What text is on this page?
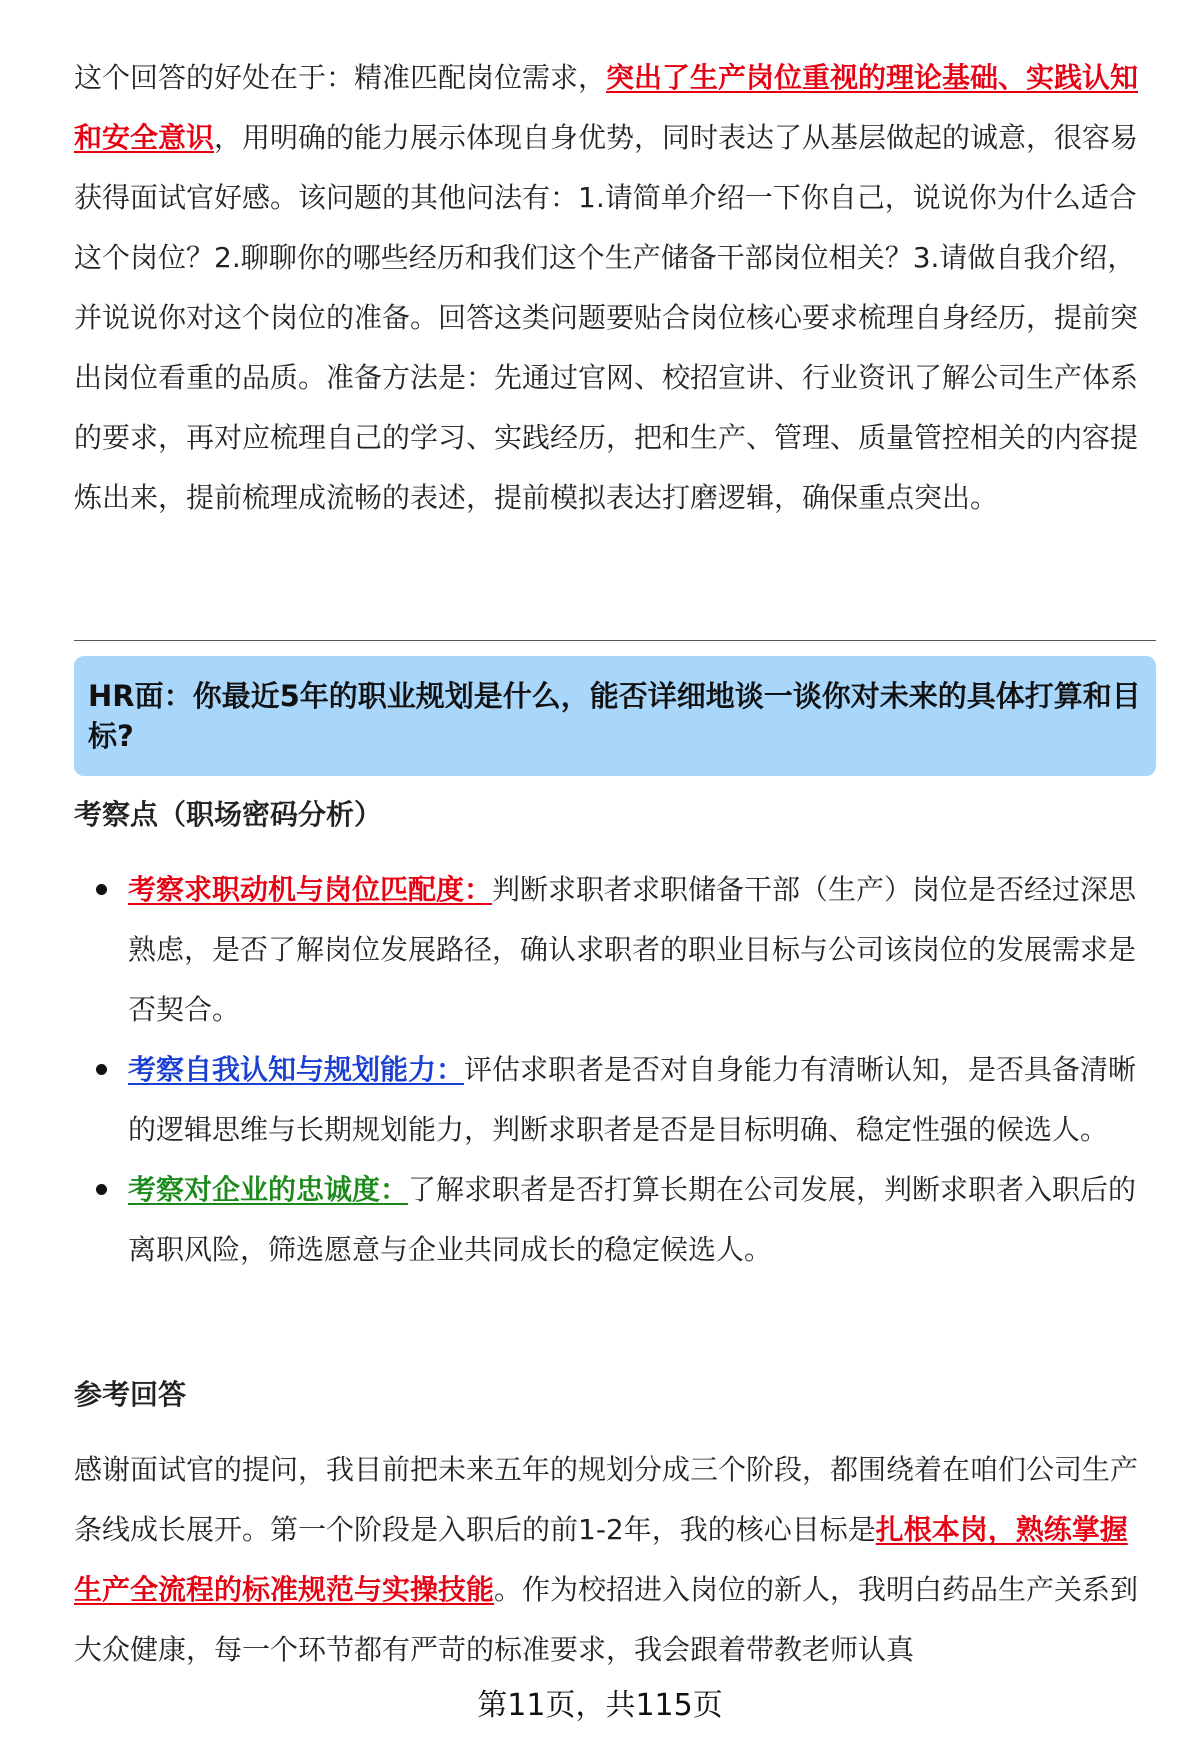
这个回答的好处在于：精准匹配岗位需求，突出了生产岗位重视的理论基础、实践认知和安全意识，用明确的能力展示体现自身优势，同时表达了从基层做起的诚意，很容易获得面试官好感。该问题的其他问法有：1.请简单介绍一下你自己，说说你为什么适合这个岗位？2.聊聊你的哪些经历和我们这个生产储备干部岗位相关？3.请做自我介绍，并说说你对这个岗位的准备。回答这类问题要贴合岗位核心要求梳理自身经历，提前突出岗位看重的品质。准备方法是：先通过官网、校招宣讲、行业资讯了解公司生产体系的要求，再对应梳理自己的学习、实践经历，把和生产、管理、质量管控相关的内容提炼出来，提前梳理成流畅的表述，提前模拟表达打磨逻辑，确保重点突出。

HR面：你最近5年的职业规划是什么，能否详细地谈一谈你对未来的具体打算和目标?

考察点（职场密码分析）

考察求职动机与岗位匹配度：判断求职者求职储备干部（生产）岗位是否经过深思熟虑，是否了解岗位发展路径，确认求职者的职业目标与公司该岗位的发展需求是否契合。
考察自我认知与规划能力：评估求职者是否对自身能力有清晰认知，是否具备清晰的逻辑思维与长期规划能力，判断求职者是否是目标明确、稳定性强的候选人。
考察对企业的忠诚度：了解求职者是否打算长期在公司发展，判断求职者入职后的离职风险，筛选愿意与企业共同成长的稳定候选人。

参考回答

感谢面试官的提问，我目前把未来五年的规划分成三个阶段，都围绕着在咱们公司生产条线成长展开。第一个阶段是入职后的前1-2年，我的核心目标是扎根本岗，熟练掌握生产全流程的标准规范与实操技能。作为校招进入岗位的新人，我明白药品生产关系到大众健康，每一个环节都有严苛的标准要求，我会跟着带教老师认真

第11页，共115页
